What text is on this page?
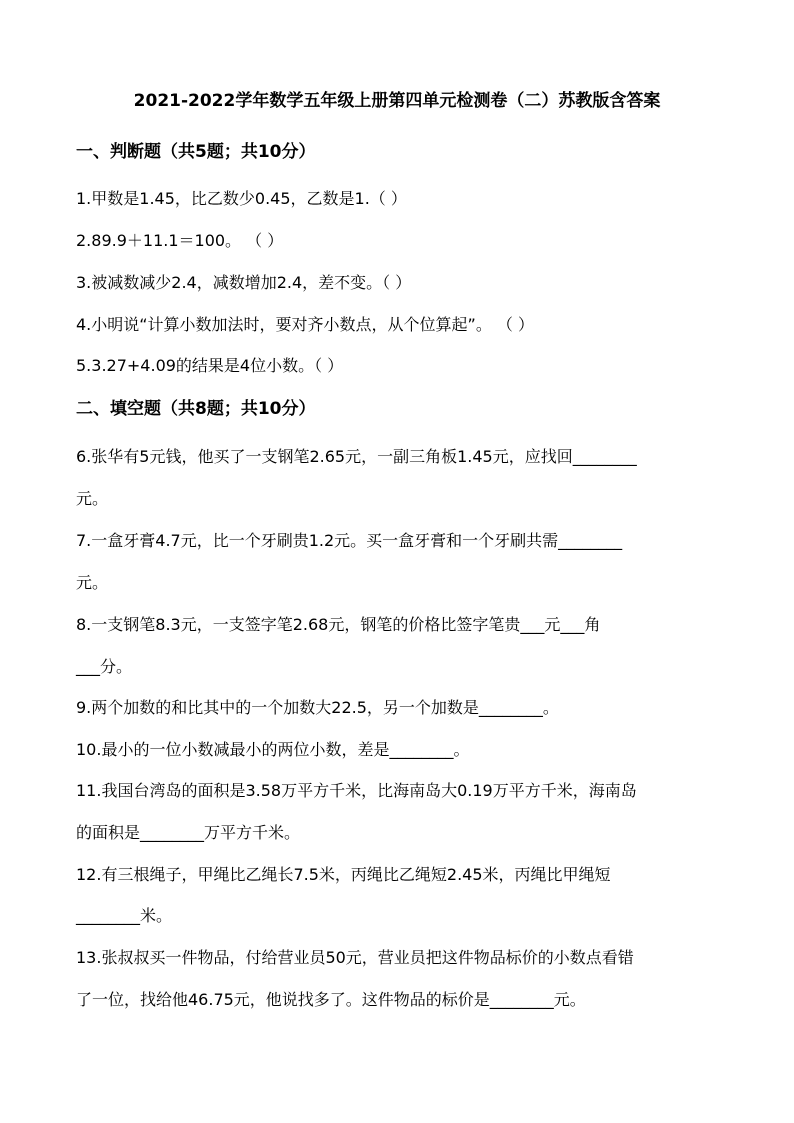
2021-2022学年数学五年级上册第四单元检测卷（二）苏教版含答案
一、判断题（共5题；共10分）
1.甲数是1.45，比乙数少0.45，乙数是1.（ ）
2.89.9＋11.1＝100。 （ ）
3.被减数减少2.4，减数增加2.4，差不变。（ ）
4.小明说“计算小数加法时，要对齐小数点，从个位算起”。 （ ）
5.3.27+4.09的结果是4位小数。（ ）
二、填空题（共8题；共10分）
6.张华有5元钱，他买了一支钢笔2.65元，一副三角板1.45元，应找回________
元。
7.一盒牙膏4.7元，比一个牙刷贵1.2元。买一盒牙膏和一个牙刷共需________
元。
8.一支钢笔8.3元，一支签字笔2.68元，钢笔的价格比签字笔贵___元___角
___分。
9.两个加数的和比其中的一个加数大22.5，另一个加数是________。
10.最小的一位小数减最小的两位小数，差是________。
11.我国台湾岛的面积是3.58万平方千米，比海南岛大0.19万平方千米，海南岛
的面积是________万平方千米。
12.有三根绳子，甲绳比乙绳长7.5米，丙绳比乙绳短2.45米，丙绳比甲绳短
________米。
13.张叔叔买一件物品，付给营业员50元，营业员把这件物品标价的小数点看错
了一位，找给他46.75元，他说找多了。这件物品的标价是________元。
